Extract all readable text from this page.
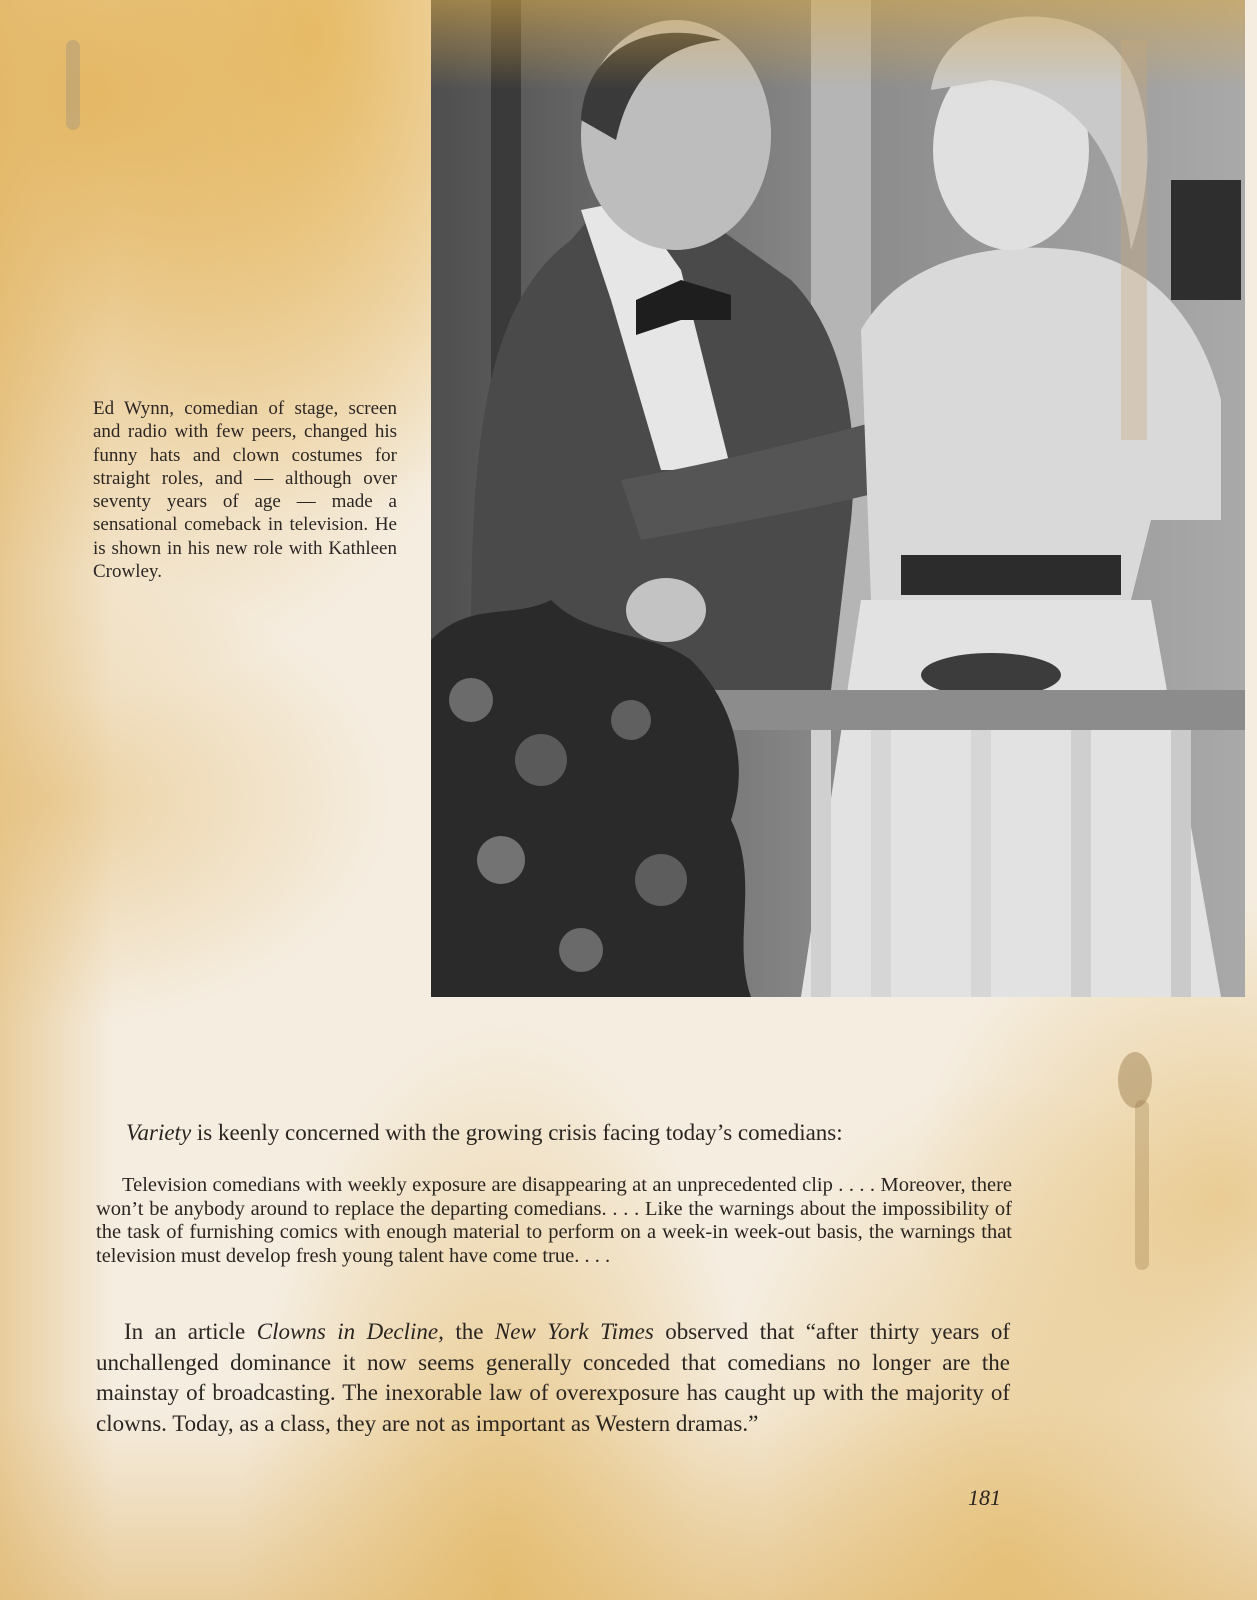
Ed Wynn, comedian of stage, screen and radio with few peers, changed his funny hats and clown costumes for straight roles, and — although over seventy years of age — made a sensational comeback in television. He is shown in his new role with Kathleen Crowley.
Variety is keenly concerned with the growing crisis facing today’s comedians:
Television comedians with weekly exposure are disappearing at an unprecedented clip . . . . Moreover, there won’t be anybody around to replace the departing comedians. . . . Like the warnings about the impossibility of the task of furnishing comics with enough material to perform on a week-in week-out basis, the warnings that television must develop fresh young talent have come true. . . .
In an article Clowns in Decline, the New York Times observed that “after thirty years of unchallenged dominance it now seems generally conceded that comedians no longer are the mainstay of broadcasting. The inexorable law of overexposure has caught up with the majority of clowns. Today, as a class, they are not as important as Western dramas.”
181
